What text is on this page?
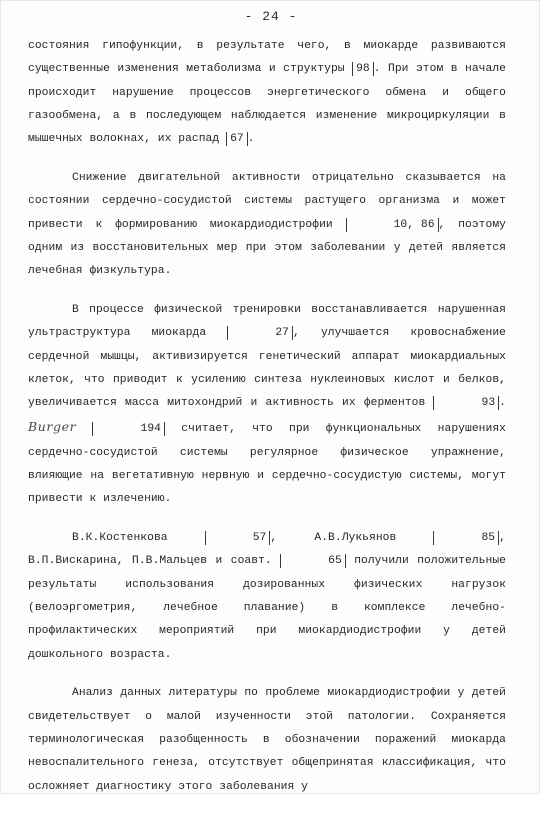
- 24 -

состояния гипофункции, в результате чего, в миокарде развиваются существенные изменения метаболизма и структуры 98 . При этом в начале происходит нарушение процессов энергетического обмена и общего газообмена, а в последующем наблюдается изменение микроциркуляции в мышечных волокнах, их распад 67 .

Снижение двигательной активности отрицательно сказывается на состоянии сердечно-сосудистой системы растущего организма и может привести к формированию миокардиодистрофии	10, 86 , поэтому одним из восстановительных мер при этом заболевании у детей является лечебная физкультура.

В процессе физической тренировки восстанавливается нарушенная ультраструктура миокарда	27 , улучшается кровоснабжение сердечной мышцы, активизируется генетический аппарат миокардиальных клеток, что приводит к усилению синтеза нуклеиновых кислот и белков, увеличивается масса митохондрий и активность их ферментов	93 . Burger	194 считает, что при функциональных нарушениях сердечно-сосудистой системы регулярное физическое упражнение, влияющие на вегетативную нервную и сердечно-сосудистую системы, могут привести к излечению.

В.К.Костенкова	57 , А.В.Лукьянов	85 , В.П.Вискарина, П.В.Мальцев и соавт.	65 получили положительные результаты использования дозированных физических нагрузок (велоэргометрия, лечебное плавание) в комплексе лечебно-профилактических мероприятий при миокардиодистрофии у детей дошкольного возраста.

Анализ данных литературы по проблеме миокардиодистрофии у детей свидетельствует о малой изученности этой патологии. Сохраняется терминологическая разобщенность в обозначении поражений миокарда невоспалительного генеза, отсутствует общепринятая классификация, что осложняет диагностику этого заболевания у
